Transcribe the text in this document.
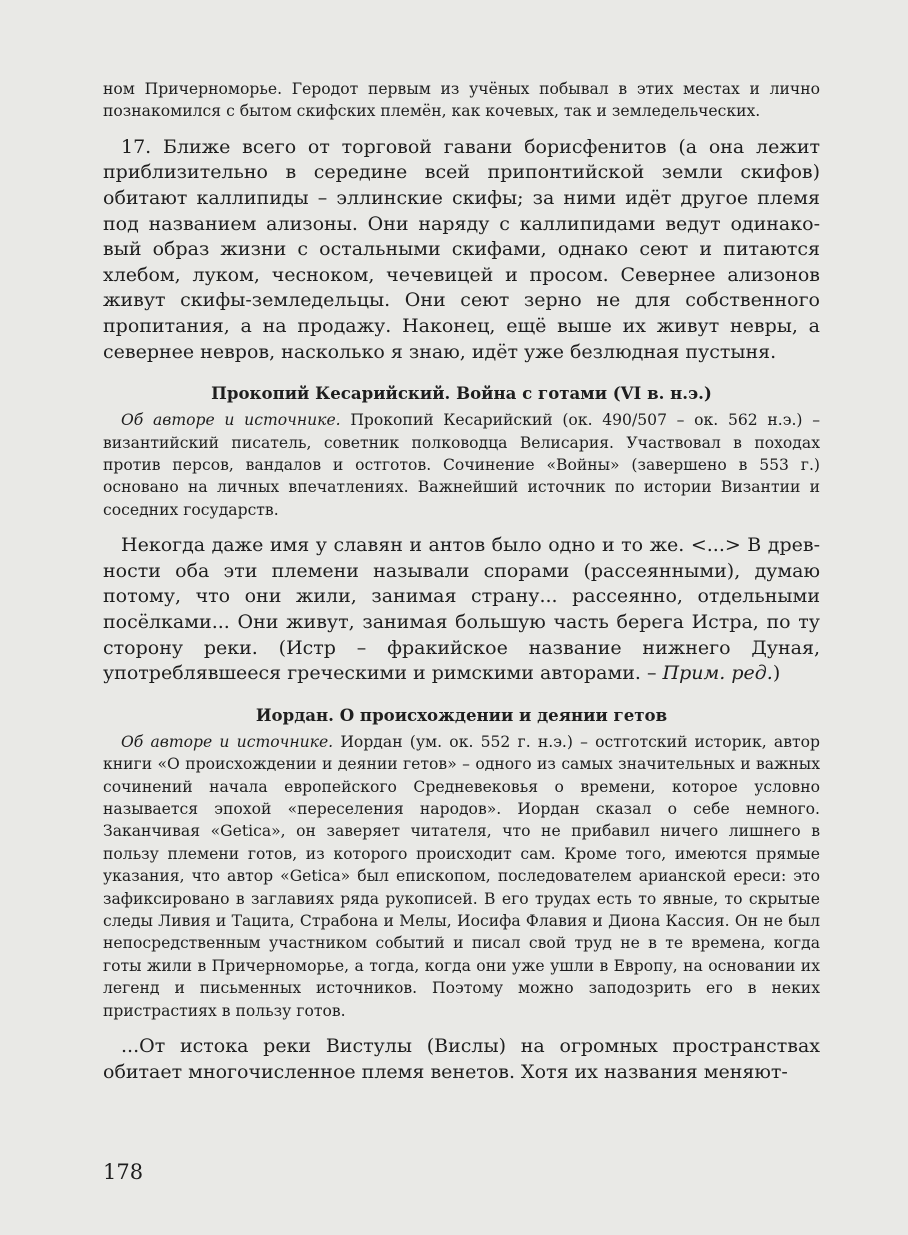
ном Причерноморье. Геродот первым из учёных побывал в этих местах и лично познакомился с бытом скифских племён, как кочевых, так и земледельческих.

17. Ближе всего от торговой гавани борисфенитов (а она лежит приблизительно в середине всей припонтийской земли скифов) обитают каллипиды – эллинские скифы; за ними идёт другое племя под названием ализоны. Они наряду с каллипидами ведут одинаковый образ жизни с остальными скифами, однако сеют и питаются хлебом, луком, чесноком, чечевицей и просом. Севернее ализонов живут скифы-земледельцы. Они сеют зерно не для собственного пропитания, а на продажу. Наконец, ещё выше их живут невры, а севернее невров, насколько я знаю, идёт уже безлюдная пустыня.

Прокопий Кесарийский. Война с готами (VI в. н.э.)

Об авторе и источнике. Прокопий Кесарийский (ок. 490/507 – ок. 562 н.э.) – византийский писатель, советник полководца Велисария. Участвовал в походах против персов, вандалов и остготов. Сочинение «Войны» (завершено в 553 г.) основано на личных впечатлениях. Важнейший источник по истории Византии и соседних государств.

Некогда даже имя у славян и антов было одно и то же. <...> В древности оба эти племени называли спорами (рассеянными), думаю потому, что они жили, занимая страну... рассеянно, отдельными посёлками... Они живут, занимая большую часть берега Истра, по ту сторону реки. (Истр – фракийское название нижнего Дуная, употреблявшееся греческими и римскими авторами. – Прим. ред.)

Иордан. О происхождении и деянии гетов

Об авторе и источнике. Иордан (ум. ок. 552 г. н.э.) – остготский историк, автор книги «О происхождении и деянии гетов» – одного из самых значительных и важных сочинений начала европейского Средневековья о времени, которое условно называется эпохой «переселения народов». Иордан сказал о себе немного. Заканчивая «Getica», он заверяет читателя, что не прибавил ничего лишнего в пользу племени готов, из которого происходит сам. Кроме того, имеются прямые указания, что автор «Getica» был епископом, последователем арианской ереси: это зафиксировано в заглавиях ряда рукописей. В его трудах есть то явные, то скрытые следы Ливия и Тацита, Страбона и Мелы, Иосифа Флавия и Диона Кассия. Он не был непосредственным участником событий и писал свой труд не в те времена, когда готы жили в Причерноморье, а тогда, когда они уже ушли в Европу, на основании их легенд и письменных источников. Поэтому можно заподозрить его в неких пристрастиях в пользу готов.

...От истока реки Вистулы (Вислы) на огромных пространствах обитает многочисленное племя венетов. Хотя их названия меняют-

178
